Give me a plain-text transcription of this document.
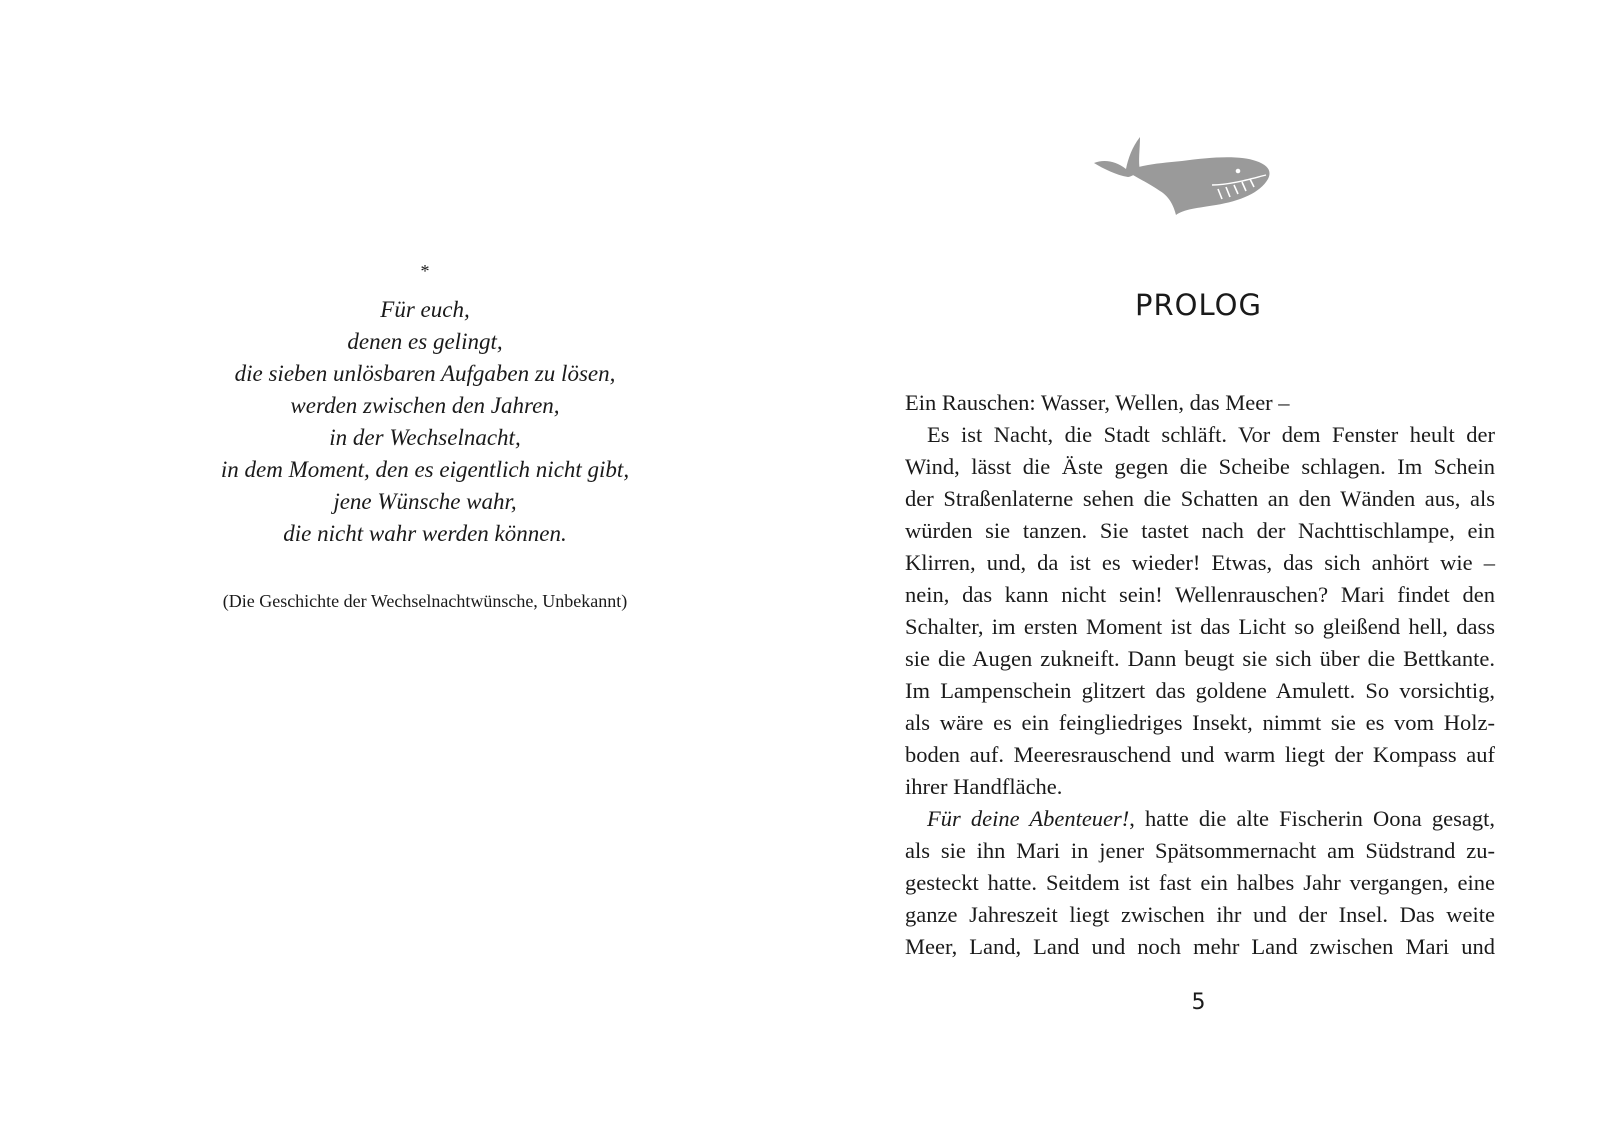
*
Für euch,
denen es gelingt,
die sieben unlösbaren Aufgaben zu lösen,
werden zwischen den Jahren,
in der Wechselnacht,
in dem Moment, den es eigentlich nicht gibt,
jene Wünsche wahr,
die nicht wahr werden können.
(Die Geschichte der Wechselnachtwünsche, Unbekannt)
PROLOG
Ein Rauschen: Wasser, Wellen, das Meer –
Es ist Nacht, die Stadt schläft. Vor dem Fenster heult der
Wind, lässt die Äste gegen die Scheibe schlagen. Im Schein
der Straßenlaterne sehen die Schatten an den Wänden aus, als
würden sie tanzen. Sie tastet nach der Nachttischlampe, ein
Klirren, und, da ist es wieder! Etwas, das sich anhört wie –
nein, das kann nicht sein! Wellenrauschen? Mari findet den
Schalter, im ersten Moment ist das Licht so gleißend hell, dass
sie die Augen zukneift. Dann beugt sie sich über die Bettkante.
Im Lampenschein glitzert das goldene Amulett. So vorsichtig,
als wäre es ein feingliedriges Insekt, nimmt sie es vom Holz-
boden auf. Meeresrauschend und warm liegt der Kompass auf
ihrer Handfläche.
Für deine Abenteuer!, hatte die alte Fischerin Oona gesagt,
als sie ihn Mari in jener Spätsommernacht am Südstrand zu-
gesteckt hatte. Seitdem ist fast ein halbes Jahr vergangen, eine
ganze Jahreszeit liegt zwischen ihr und der Insel. Das weite
Meer, Land, Land und noch mehr Land zwischen Mari und
5
